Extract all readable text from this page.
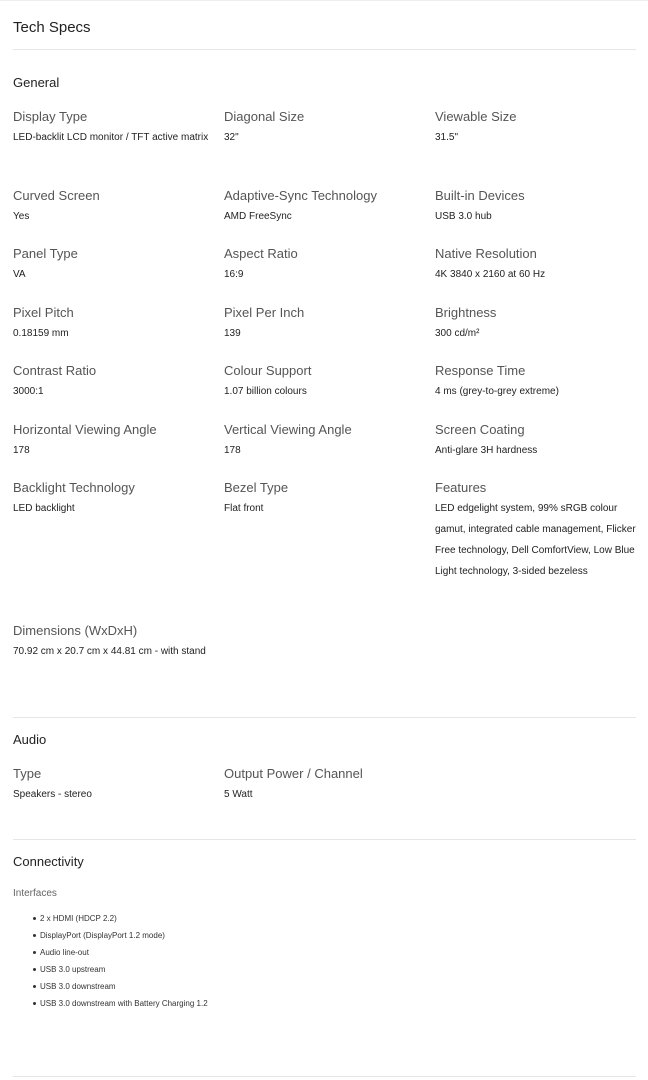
Tech Specs
General
Display Type
LED-backlit LCD monitor / TFT active matrix
Diagonal Size
32"
Viewable Size
31.5"
Curved Screen
Yes
Adaptive-Sync Technology
AMD FreeSync
Built-in Devices
USB 3.0 hub
Panel Type
VA
Aspect Ratio
16:9
Native Resolution
4K 3840 x 2160 at 60 Hz
Pixel Pitch
0.18159 mm
Pixel Per Inch
139
Brightness
300 cd/m²
Contrast Ratio
3000:1
Colour Support
1.07 billion colours
Response Time
4 ms (grey-to-grey extreme)
Horizontal Viewing Angle
178
Vertical Viewing Angle
178
Screen Coating
Anti-glare 3H hardness
Backlight Technology
LED backlight
Bezel Type
Flat front
Features
LED edgelight system, 99% sRGB colour gamut, integrated cable management, Flicker Free technology, Dell ComfortView, Low Blue Light technology, 3-sided bezeless
Dimensions (WxDxH)
70.92 cm x 20.7 cm x 44.81 cm - with stand
Audio
Type
Speakers - stereo
Output Power / Channel
5 Watt
Connectivity
Interfaces
2 x HDMI (HDCP 2.2)
DisplayPort (DisplayPort 1.2 mode)
Audio line-out
USB 3.0 upstream
USB 3.0 downstream
USB 3.0 downstream with Battery Charging 1.2
